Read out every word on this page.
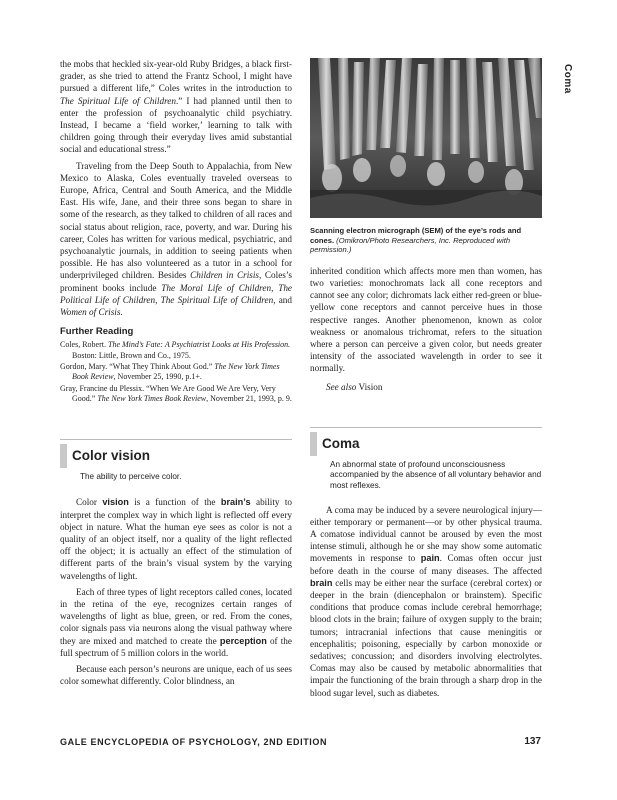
Coma

the mobs that heckled six-year-old Ruby Bridges, a black first-grader, as she tried to attend the Frantz School, I might have pursued a different life,” Coles writes in the introduction to The Spiritual Life of Children.” I had planned until then to enter the profession of psychoanalytic child psychiatry. Instead, I became a ‘field worker,’ learning to talk with children going through their everyday lives amid substantial social and educational stress.”

Traveling from the Deep South to Appalachia, from New Mexico to Alaska, Coles eventually traveled overseas to Europe, Africa, Central and South America, and the Middle East. His wife, Jane, and their three sons began to share in some of the research, as they talked to children of all races and social status about religion, race, poverty, and war. During his career, Coles has written for various medical, psychiatric, and psychoanalytic journals, in addition to seeing patients when possible. He has also volunteered as a tutor in a school for underprivileged children. Besides Children in Crisis, Coles’s prominent books include The Moral Life of Children, The Political Life of Children, The Spiritual Life of Children, and Women of Crisis.

Further Reading

Coles, Robert. The Mind’s Fate: A Psychiatrist Looks at His Profession. Boston: Little, Brown and Co., 1975.

Gordon, Mary. “What They Think About God.” The New York Times Book Review, November 25, 1990, p.1+.

Gray, Francine du Plessix. “When We Are Good We Are Very, Very Good.” The New York Times Book Review, November 21, 1993, p. 9.

Color vision

The ability to perceive color.

Color vision is a function of the brain’s ability to interpret the complex way in which light is reflected off every object in nature. What the human eye sees as color is not a quality of an object itself, nor a quality of the light reflected off the object; it is actually an effect of the stimulation of different parts of the brain’s visual system by the varying wavelengths of light.

Each of three types of light receptors called cones, located in the retina of the eye, recognizes certain ranges of wavelengths of light as blue, green, or red. From the cones, color signals pass via neurons along the visual pathway where they are mixed and matched to create the perception of the full spectrum of 5 million colors in the world.

Because each person’s neurons are unique, each of us sees color somewhat differently. Color blindness, an

Scanning electron micrograph (SEM) of the eye’s rods and cones. (Omikron/Photo Researchers, Inc. Reproduced with permission.)

inherited condition which affects more men than women, has two varieties: monochromats lack all cone receptors and cannot see any color; dichromats lack either red-green or blue-yellow cone receptors and cannot perceive hues in those respective ranges. Another phenomenon, known as color weakness or anomalous trichromat, refers to the situation where a person can perceive a given color, but needs greater intensity of the associated wavelength in order to see it normally.

See also Vision

Coma

An abnormal state of profound unconsciousness accompanied by the absence of all voluntary behavior and most reflexes.

A coma may be induced by a severe neurological injury—either temporary or permanent—or by other physical trauma. A comatose individual cannot be aroused by even the most intense stimuli, although he or she may show some automatic movements in response to pain. Comas often occur just before death in the course of many diseases. The affected brain cells may be either near the surface (cerebral cortex) or deeper in the brain (diencephalon or brainstem). Specific conditions that produce comas include cerebral hemorrhage; blood clots in the brain; failure of oxygen supply to the brain; tumors; intracranial infections that cause meningitis or encephalitis; poisoning, especially by carbon monoxide or sedatives; concussion; and disorders involving electrolytes. Comas may also be caused by metabolic abnormalities that impair the functioning of the brain through a sharp drop in the blood sugar level, such as diabetes.

GALE ENCYCLOPEDIA OF PSYCHOLOGY, 2ND EDITION	137
